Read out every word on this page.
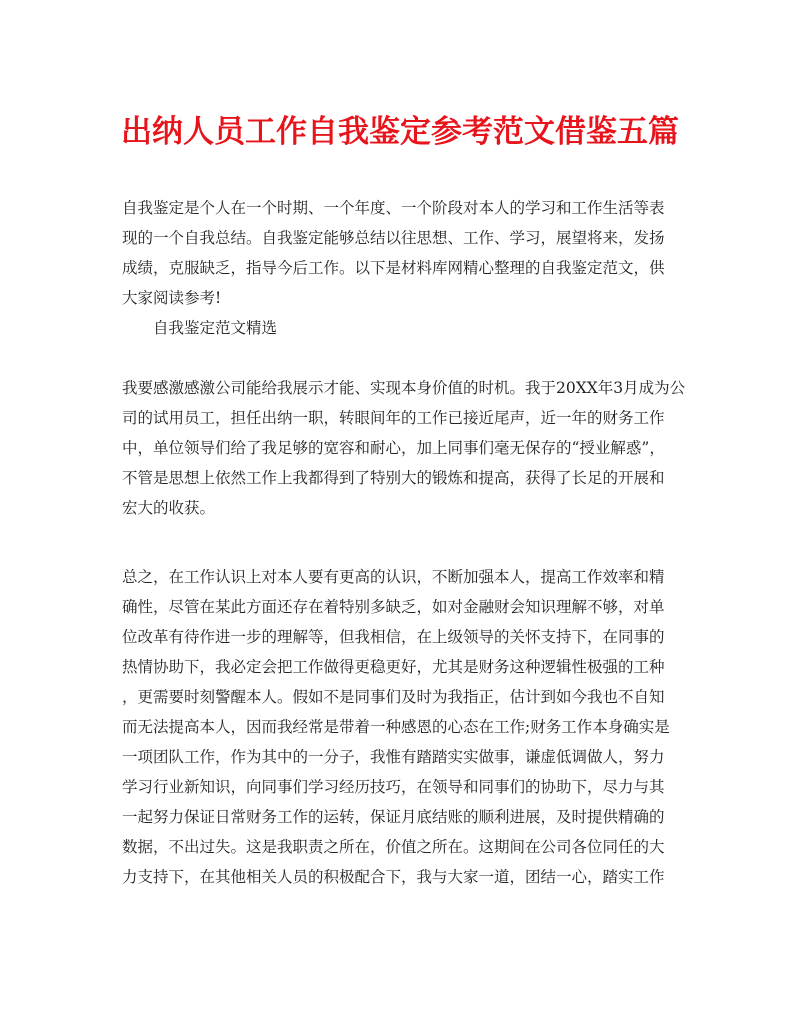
出纳人员工作自我鉴定参考范文借鉴五篇
自我鉴定是个人在一个时期、一个年度、一个阶段对本人的学习和工作生活等表
现的一个自我总结。自我鉴定能够总结以往思想、工作、学习，展望将来，发扬
成绩，克服缺乏，指导今后工作。以下是材料库网精心整理的自我鉴定范文，供
大家阅读参考!
自我鉴定范文精选
我要感激感激公司能给我展示才能、实现本身价值的时机。我于20XX年3月成为公
司的试用员工，担任出纳一职，转眼间年的工作已接近尾声，近一年的财务工作
中，单位领导们给了我足够的宽容和耐心，加上同事们毫无保存的“授业解惑”，
不管是思想上依然工作上我都得到了特别大的锻炼和提高，获得了长足的开展和
宏大的收获。
总之，在工作认识上对本人要有更高的认识，不断加强本人，提高工作效率和精
确性，尽管在某此方面还存在着特别多缺乏，如对金融财会知识理解不够，对单
位改革有待作进一步的理解等，但我相信，在上级领导的关怀支持下，在同事的
热情协助下，我必定会把工作做得更稳更好，尤其是财务这种逻辑性极强的工种
，更需要时刻警醒本人。假如不是同事们及时为我指正，估计到如今我也不自知
而无法提高本人，因而我经常是带着一种感恩的心态在工作;财务工作本身确实是
一项团队工作，作为其中的一分子，我惟有踏踏实实做事，谦虚低调做人，努力
学习行业新知识，向同事们学习经历技巧，在领导和同事们的协助下，尽力与其
一起努力保证日常财务工作的运转，保证月底结账的顺利进展，及时提供精确的
数据，不出过失。这是我职责之所在，价值之所在。这期间在公司各位同任的大
力支持下，在其他相关人员的积极配合下，我与大家一道，团结一心，踏实工作
